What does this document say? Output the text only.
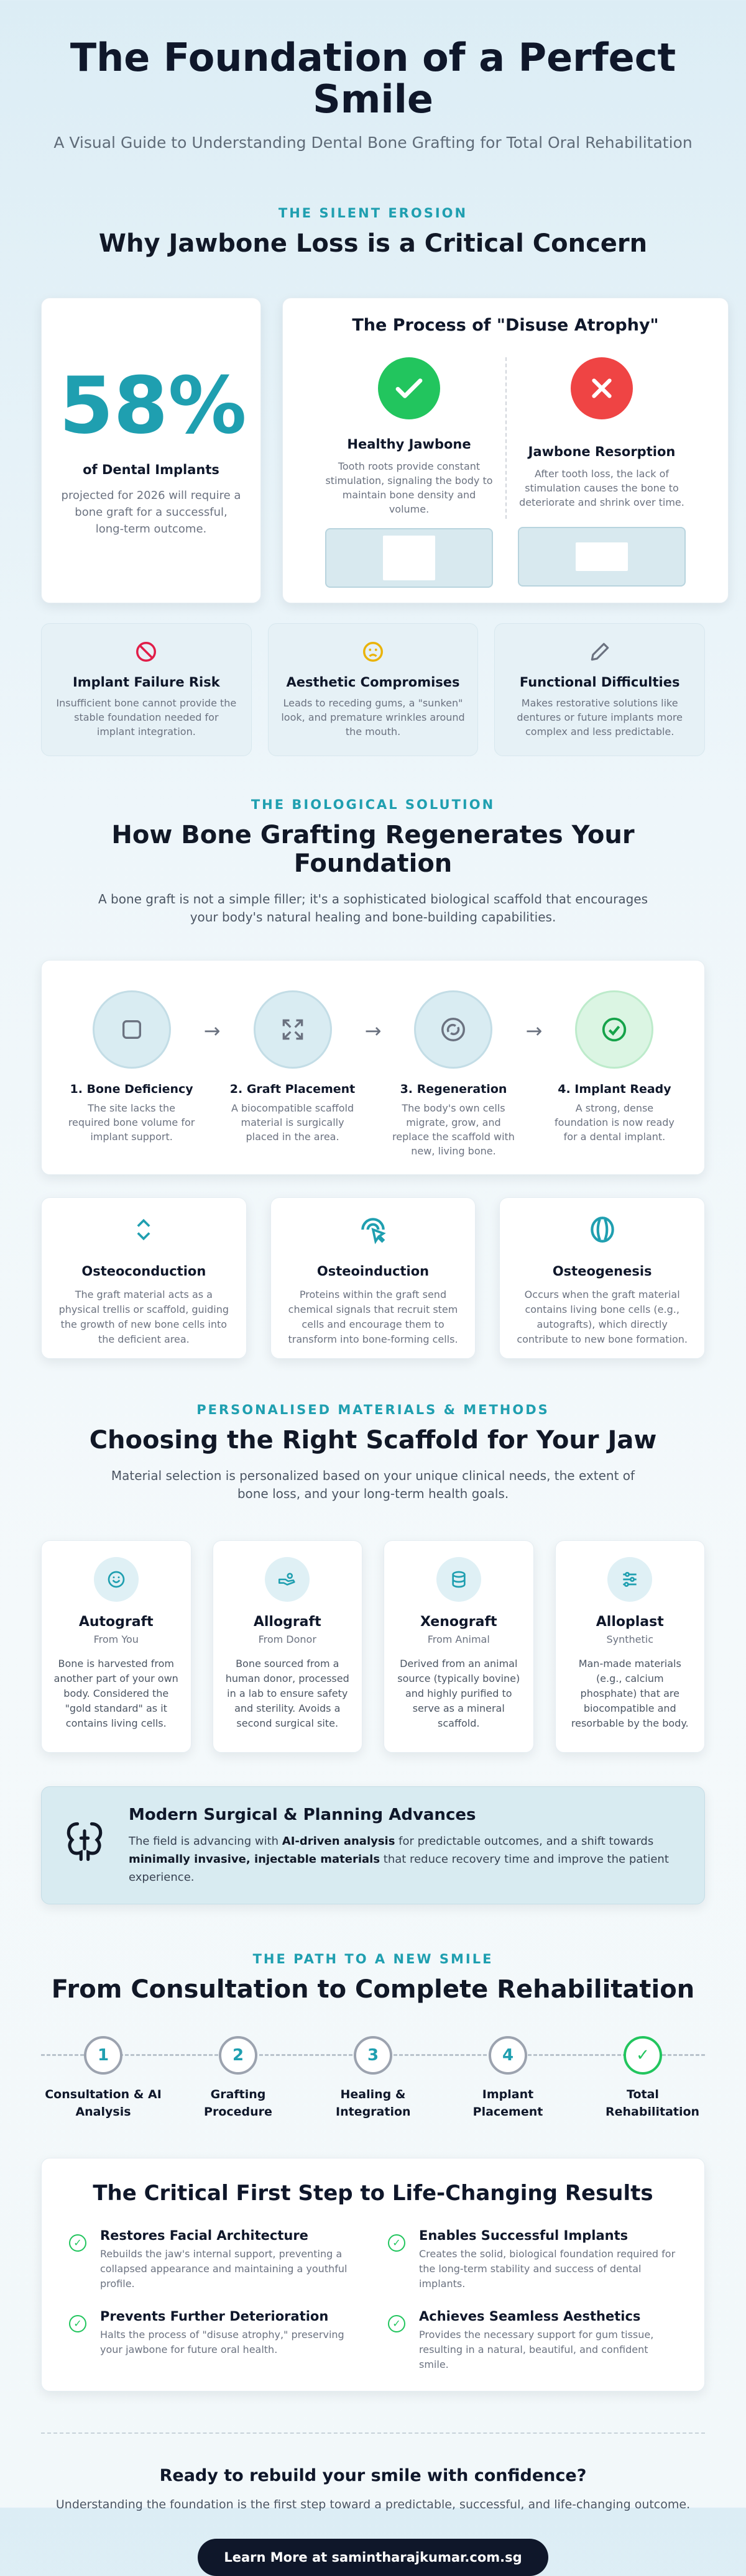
The Foundation of a Perfect Smile

A Visual Guide to Understanding Dental Bone Grafting for Total Oral Rehabilitation

THE SILENT EROSION
Why Jawbone Loss is a Critical Concern
58%
of Dental Implants
projected for 2026 will require a bone graft for a successful, long-term outcome.
The Process of "Disuse Atrophy"
Healthy Jawbone
Tooth roots provide constant stimulation, signaling the body to maintain bone density and volume.
Jawbone Resorption
After tooth loss, the lack of stimulation causes the bone to deteriorate and shrink over time.
Implant Failure Risk
Insufficient bone cannot provide the stable foundation needed for implant integration.
Aesthetic Compromises
Leads to receding gums, a "sunken" look, and premature wrinkles around the mouth.
Functional Difficulties
Makes restorative solutions like dentures or future implants more complex and less predictable.
THE BIOLOGICAL SOLUTION
How Bone Grafting Regenerates Your Foundation

A bone graft is not a simple filler; it's a sophisticated biological scaffold that encourages your body's natural healing and bone-building capabilities.

1. Bone Deficiency
The site lacks the required bone volume for implant support.
→
2. Graft Placement
A biocompatible scaffold material is surgically placed in the area.
→
3. Regeneration
The body's own cells migrate, grow, and replace the scaffold with new, living bone.
→
4. Implant Ready
A strong, dense foundation is now ready for a dental implant.
Osteoconduction
The graft material acts as a physical trellis or scaffold, guiding the growth of new bone cells into the deficient area.
Osteoinduction
Proteins within the graft send chemical signals that recruit stem cells and encourage them to transform into bone-forming cells.
Osteogenesis
Occurs when the graft material contains living bone cells (e.g., autografts), which directly contribute to new bone formation.
PERSONALISED MATERIALS & METHODS
Choosing the Right Scaffold for Your Jaw

Material selection is personalized based on your unique clinical needs, the extent of bone loss, and your long-term health goals.

Autograft
From You
Bone is harvested from another part of your own body. Considered the "gold standard" as it contains living cells.
Allograft
From Donor
Bone sourced from a human donor, processed in a lab to ensure safety and sterility. Avoids a second surgical site.
Xenograft
From Animal
Derived from an animal source (typically bovine) and highly purified to serve as a mineral scaffold.
Alloplast
Synthetic
Man-made materials (e.g., calcium phosphate) that are biocompatible and resorbable by the body.
Modern Surgical & Planning Advances

The field is advancing with AI-driven analysis for predictable outcomes, and a shift towards minimally invasive, injectable materials that reduce recovery time and improve the patient experience.

THE PATH TO A NEW SMILE
From Consultation to Complete Rehabilitation
1
Consultation & AI Analysis
2
Grafting Procedure
3
Healing & Integration
4
Implant Placement
✓
Total Rehabilitation
The Critical First Step to Life-Changing Results
✓	Restores Facial Architecture
Rebuilds the jaw's internal support, preventing a collapsed appearance and maintaining a youthful profile.
✓	Enables Successful Implants
Creates the solid, biological foundation required for the long-term stability and success of dental implants.
✓	Prevents Further Deterioration
Halts the process of "disuse atrophy," preserving your jawbone for future oral health.
✓	Achieves Seamless Aesthetics
Provides the necessary support for gum tissue, resulting in a natural, beautiful, and confident smile.
Ready to rebuild your smile with confidence?
Understanding the foundation is the first step toward a predictable, successful, and life-changing outcome.
Learn More at samintharajkumar.com.sg
